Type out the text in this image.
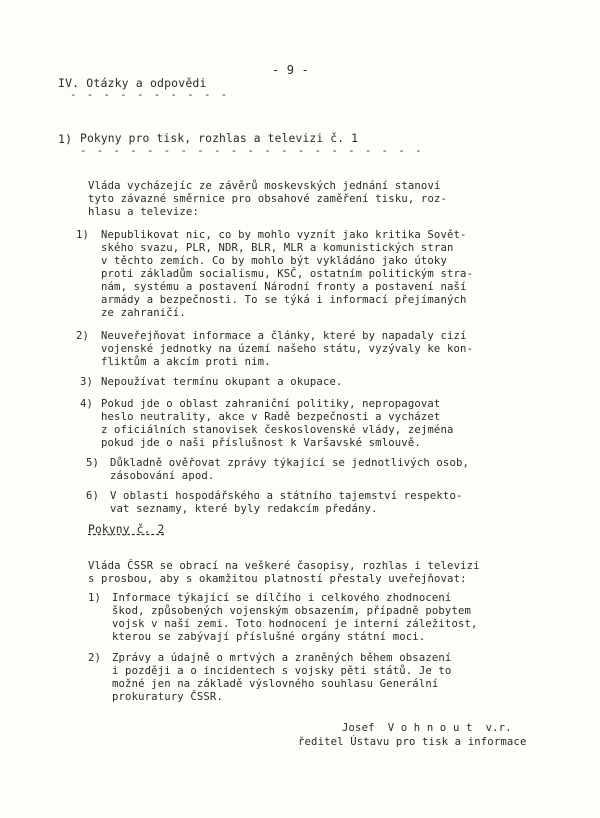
- 9 -
IV. Otázky a odpovědi
- - - - - - - - - -
1) Pokyny pro tisk, rozhlas a televizi č. 1
- - - - - - - - - - - - - - - - - - - - -
Vláda vycházejíc ze závěrů moskevských jednání stanoví
tyto závazné směrnice pro obsahové zaměření tisku, roz-
hlasu a televize:
1) Nepublikovat nic, co by mohlo vyznít jako kritika Sovět-
ského svazu, PLR, NDR, BLR, MLR a komunistických stran
v těchto zemích. Co by mohlo být vykládáno jako útoky
proti základům socialismu, KSČ, ostatním politickým stra-
nám, systému a postavení Národní fronty a postavení naší
armády a bezpečnosti. To se týká i informací přejímaných
ze zahraničí.
2) Neuveřejňovat informace a články, které by napadaly cizí
vojenské jednotky na území našeho státu, vyzývaly ke kon-
fliktům a akcím proti nim.
3) Nepoužívat termínu okupant a okupace.
4) Pokud jde o oblast zahraniční politiky, nepropagovat
heslo neutrality, akce v Radě bezpečnosti a vycházet
z oficiálních stanovisek československé vlády, zejména
pokud jde o naši příslušnost k Varšavské smlouvě.
5) Důkladně ověřovat zprávy týkající se jednotlivých osob,
zásobování apod.
6) V oblasti hospodářského a státního tajemství respekto-
vat seznamy, které byly redakcím předány.
Pokyny č. 2
Vláda ČSSR se obrací na veškeré časopisy, rozhlas i televizi
s prosbou, aby s okamžitou platností přestaly uveřejňovat:
1) Informace týkající se dílčího i celkového zhodnocení
škod, způsobených vojenským obsazením, případně pobytem
vojsk v naší zemi. Toto hodnocení je interní záležitost,
kterou se zabývají příslušné orgány státní moci.
2) Zprávy a údajně o mrtvých a zraněných během obsazení
i později a o incidentech s vojsky pěti států. Je to
možné jen na základě výslovného souhlasu Generální
prokuratury ČSSR.
Josef  V o h n o u t  v.r.
ředitel Ústavu pro tisk a informace
